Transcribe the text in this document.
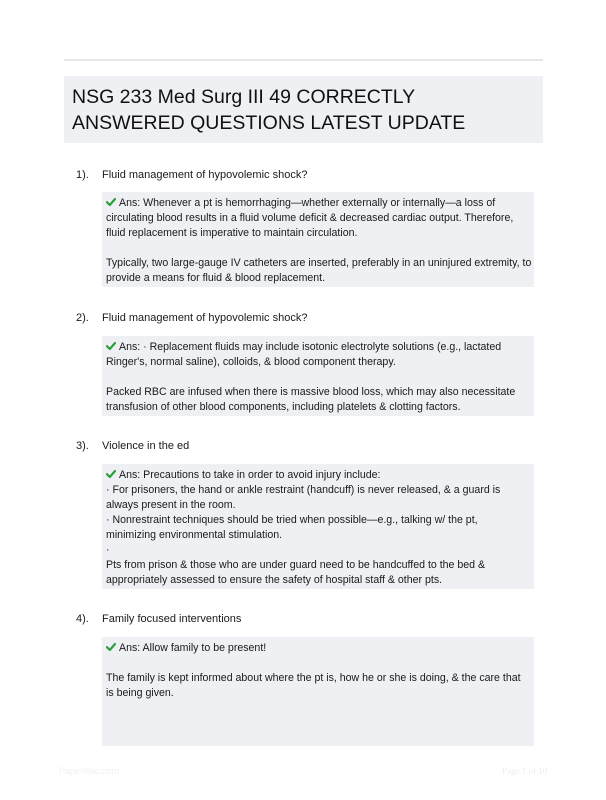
NSG 233 Med Surg III 49 CORRECTLY
ANSWERED QUESTIONS LATEST UPDATE
1). Fluid management of hypovolemic shock?
Ans: Whenever a pt is hemorrhaging—whether externally or internally—a loss of
circulating blood results in a fluid volume deficit & decreased cardiac output. Therefore,
fluid replacement is imperative to maintain circulation.
Typically, two large-gauge IV catheters are inserted, preferably in an uninjured extremity, to
provide a means for fluid & blood replacement.
2). Fluid management of hypovolemic shock?
Ans: · Replacement fluids may include isotonic electrolyte solutions (e.g., lactated
Ringer's, normal saline), colloids, & blood component therapy.
Packed RBC are infused when there is massive blood loss, which may also necessitate
transfusion of other blood components, including platelets & clotting factors.
3). Violence in the ed
Ans: Precautions to take in order to avoid injury include:
· For prisoners, the hand or ankle restraint (handcuff) is never released, & a guard is
always present in the room.
· Nonrestraint techniques should be tried when possible—e.g., talking w/ the pt,
minimizing environmental stimulation.
·
Pts from prison & those who are under guard need to be handcuffed to the bed &
appropriately assessed to ensure the safety of hospital staff & other pts.
4). Family focused interventions
Ans: Allow family to be present!
The family is kept informed about where the pt is, how he or she is doing, & the care that
is being given.
Paper9bic.com	Page 1 of 10
